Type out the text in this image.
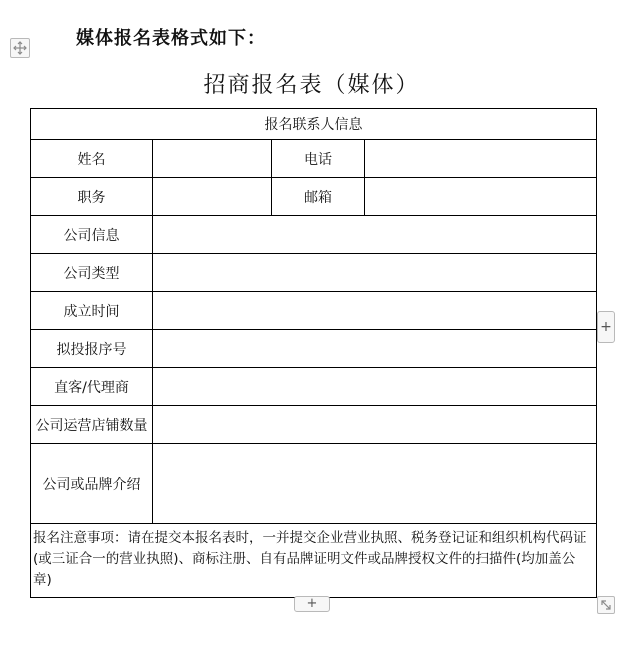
媒体报名表格式如下：
招商报名表（媒体）
报名联系人信息			
姓名		电话	
职务		邮箱	
公司信息			
公司类型			
成立时间			
拟投报序号			
直客/代理商			
公司运营店铺数量			
公司或品牌介绍			
报名注意事项：请在提交本报名表时，一并提交企业营业执照、税务登记证和组织机构代码证(或三证合一的营业执照)、商标注册、自有品牌证明文件或品牌授权文件的扫描件(均加盖公章)			
+
+
